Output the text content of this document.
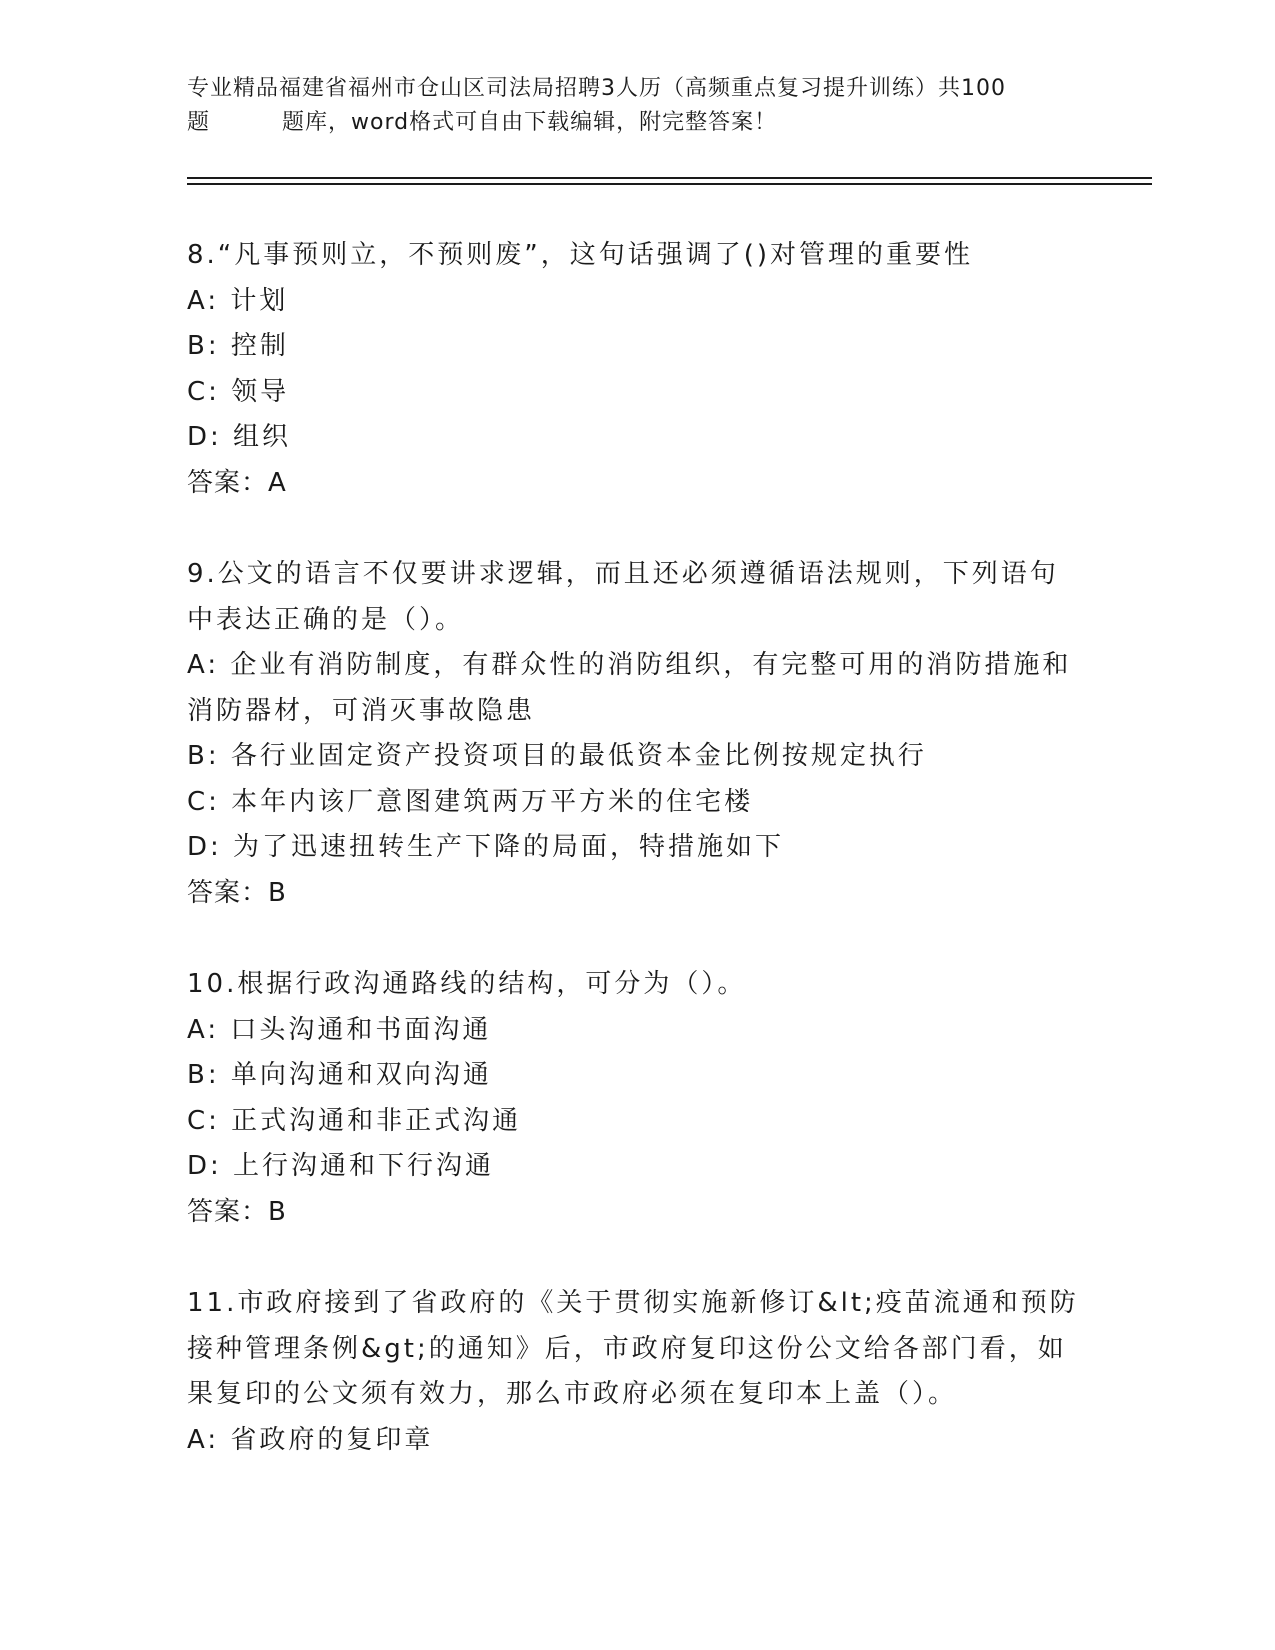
专业精品福建省福州市仓山区司法局招聘3人历（高频重点复习提升训练）共100
题	题库，word格式可自由下载编辑，附完整答案！
8.“凡事预则立，不预则废”，这句话强调了()对管理的重要性
A: 计划
B: 控制
C: 领导
D: 组织
答案：A
9.公文的语言不仅要讲求逻辑，而且还必须遵循语法规则，下列语句
中表达正确的是（）。
A: 企业有消防制度，有群众性的消防组织，有完整可用的消防措施和
消防器材，可消灭事故隐患
B: 各行业固定资产投资项目的最低资本金比例按规定执行
C: 本年内该厂意图建筑两万平方米的住宅楼
D: 为了迅速扭转生产下降的局面，特措施如下
答案：B
10.根据行政沟通路线的结构，可分为（）。
A: 口头沟通和书面沟通
B: 单向沟通和双向沟通
C: 正式沟通和非正式沟通
D: 上行沟通和下行沟通
答案：B
11.市政府接到了省政府的《关于贯彻实施新修订&lt;疫苗流通和预防
接种管理条例&gt;的通知》后，市政府复印这份公文给各部门看，如
果复印的公文须有效力，那么市政府必须在复印本上盖（）。
A: 省政府的复印章
